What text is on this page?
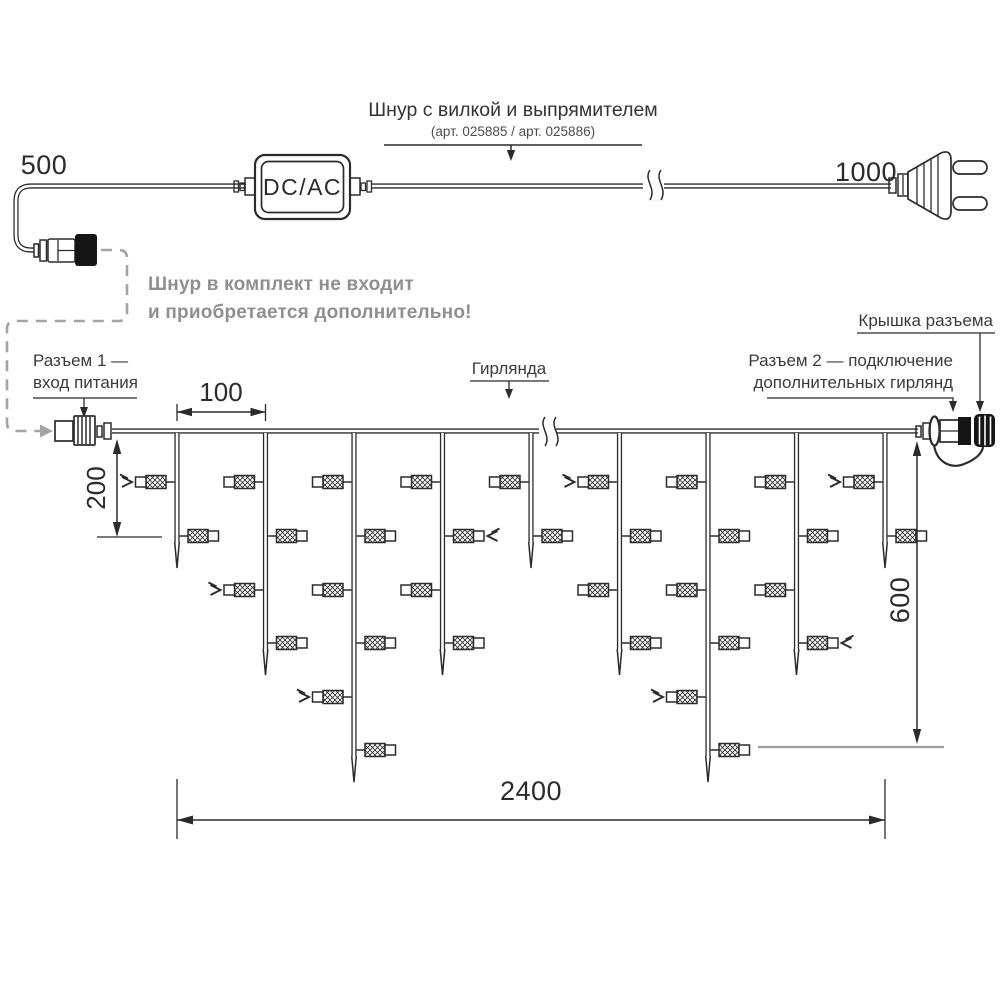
500
DC/AC	1000
Шнур с вилкой и выпрямителем
(арт. 025885 / арт. 025886)
Шнур в комплект не входит
и приобретается дополнительно!
Разъем 1 —
вход питания
Гирлянда	Разъем 2 — подключение
дополнительных гирлянд
Крышка разъема
100
200
600
2400
